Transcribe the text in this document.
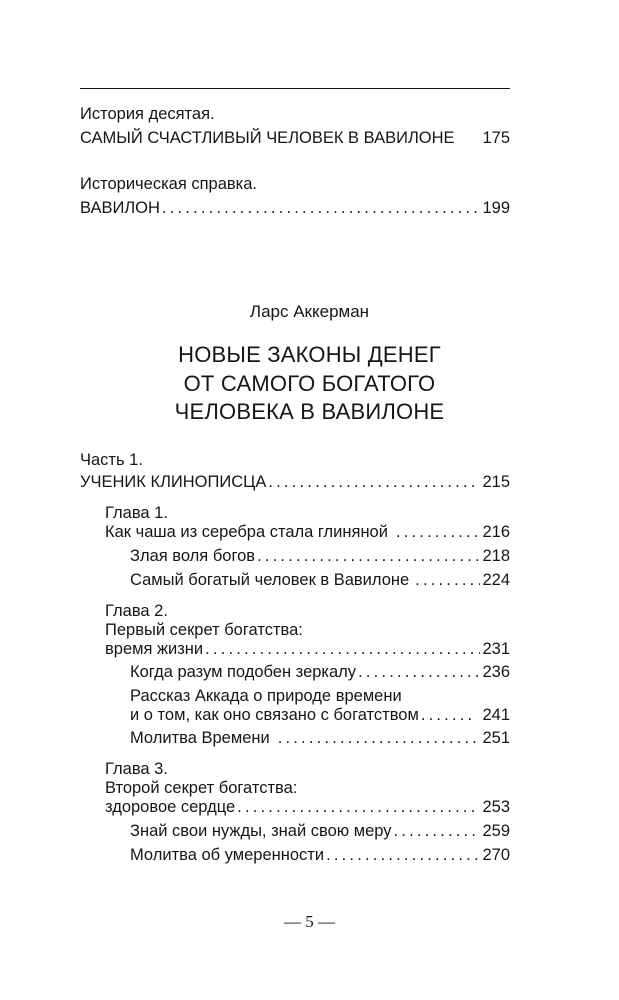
История десятая.
САМЫЙ СЧАСТЛИВЫЙ ЧЕЛОВЕК В ВАВИЛОНЕ 175
Историческая справка.
ВАВИЛОН .....	199
Ларс Аккерман
НОВЫЕ ЗАКОНЫ ДЕНЕГ
ОТ САМОГО БОГАТОГО
ЧЕЛОВЕКА В ВАВИЛОНЕ
Часть 1.
УЧЕНИК КЛИНОПИСЦА .....	215
Глава 1.
Как чаша из серебра стала глиняной .....	216
Злая воля богов .....	218
Самый богатый человек в Вавилоне .....	224
Глава 2.
Первый секрет богатства:
время жизни .....	231
Когда разум подобен зеркалу .....	236
Рассказ Аккада о природе времени
и о том, как оно связано с богатством .....	241
Молитва Времени .....	251
Глава 3.
Второй секрет богатства:
здоровое сердце .....	253
Знай свои нужды, знай свою меру .....	259
Молитва об умеренности .....	270
— 5 —
